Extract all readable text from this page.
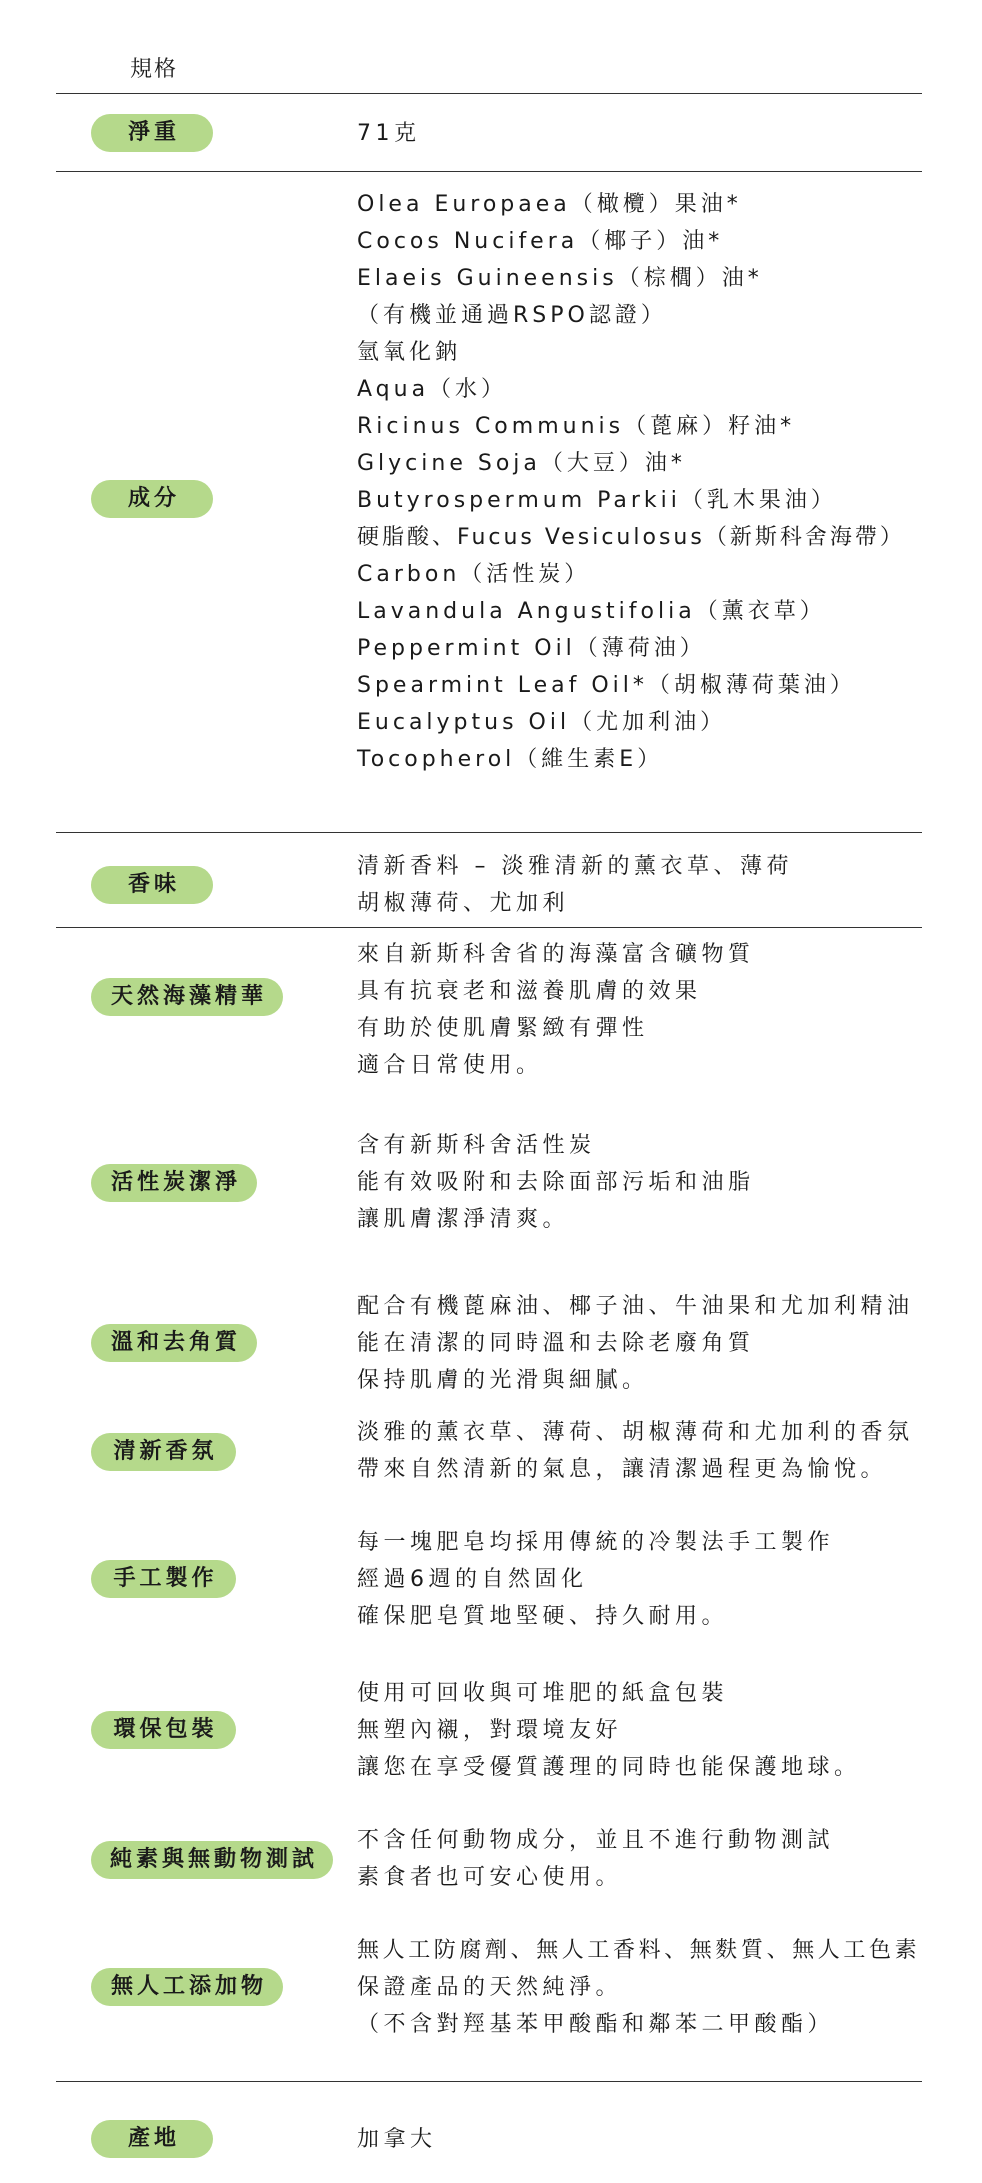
規格
淨重	71克
成分
Olea Europaea（橄欖）果油*
Cocos Nucifera（椰子）油*
Elaeis Guineensis（棕櫚）油*
（有機並通過RSPO認證）
氫氧化鈉
Aqua（水）
Ricinus Communis（蓖麻）籽油*
Glycine Soja（大豆）油*
Butyrospermum Parkii（乳木果油）
硬脂酸、Fucus Vesiculosus（新斯科舍海帶）
Carbon（活性炭）
Lavandula Angustifolia（薰衣草）
Peppermint Oil（薄荷油）
Spearmint Leaf Oil*（胡椒薄荷葉油）
Eucalyptus Oil（尤加利油）
Tocopherol（維生素E）
香味
清新香料 – 淡雅清新的薰衣草、薄荷
胡椒薄荷、尤加利
天然海藻精華
來自新斯科舍省的海藻富含礦物質
具有抗衰老和滋養肌膚的效果
有助於使肌膚緊緻有彈性
適合日常使用。
活性炭潔淨
含有新斯科舍活性炭
能有效吸附和去除面部污垢和油脂
讓肌膚潔淨清爽。
溫和去角質
配合有機蓖麻油、椰子油、牛油果和尤加利精油
能在清潔的同時溫和去除老廢角質
保持肌膚的光滑與細膩。
清新香氛
淡雅的薰衣草、薄荷、胡椒薄荷和尤加利的香氛
帶來自然清新的氣息，讓清潔過程更為愉悅。
手工製作
每一塊肥皂均採用傳統的冷製法手工製作
經過6週的自然固化
確保肥皂質地堅硬、持久耐用。
環保包裝
使用可回收與可堆肥的紙盒包裝
無塑內襯，對環境友好
讓您在享受優質護理的同時也能保護地球。
純素與無動物測試
不含任何動物成分，並且不進行動物測試
素食者也可安心使用。
無人工添加物
無人工防腐劑、無人工香料、無麩質、無人工色素
保證產品的天然純淨。
（不含對羥基苯甲酸酯和鄰苯二甲酸酯）
產地	加拿大
